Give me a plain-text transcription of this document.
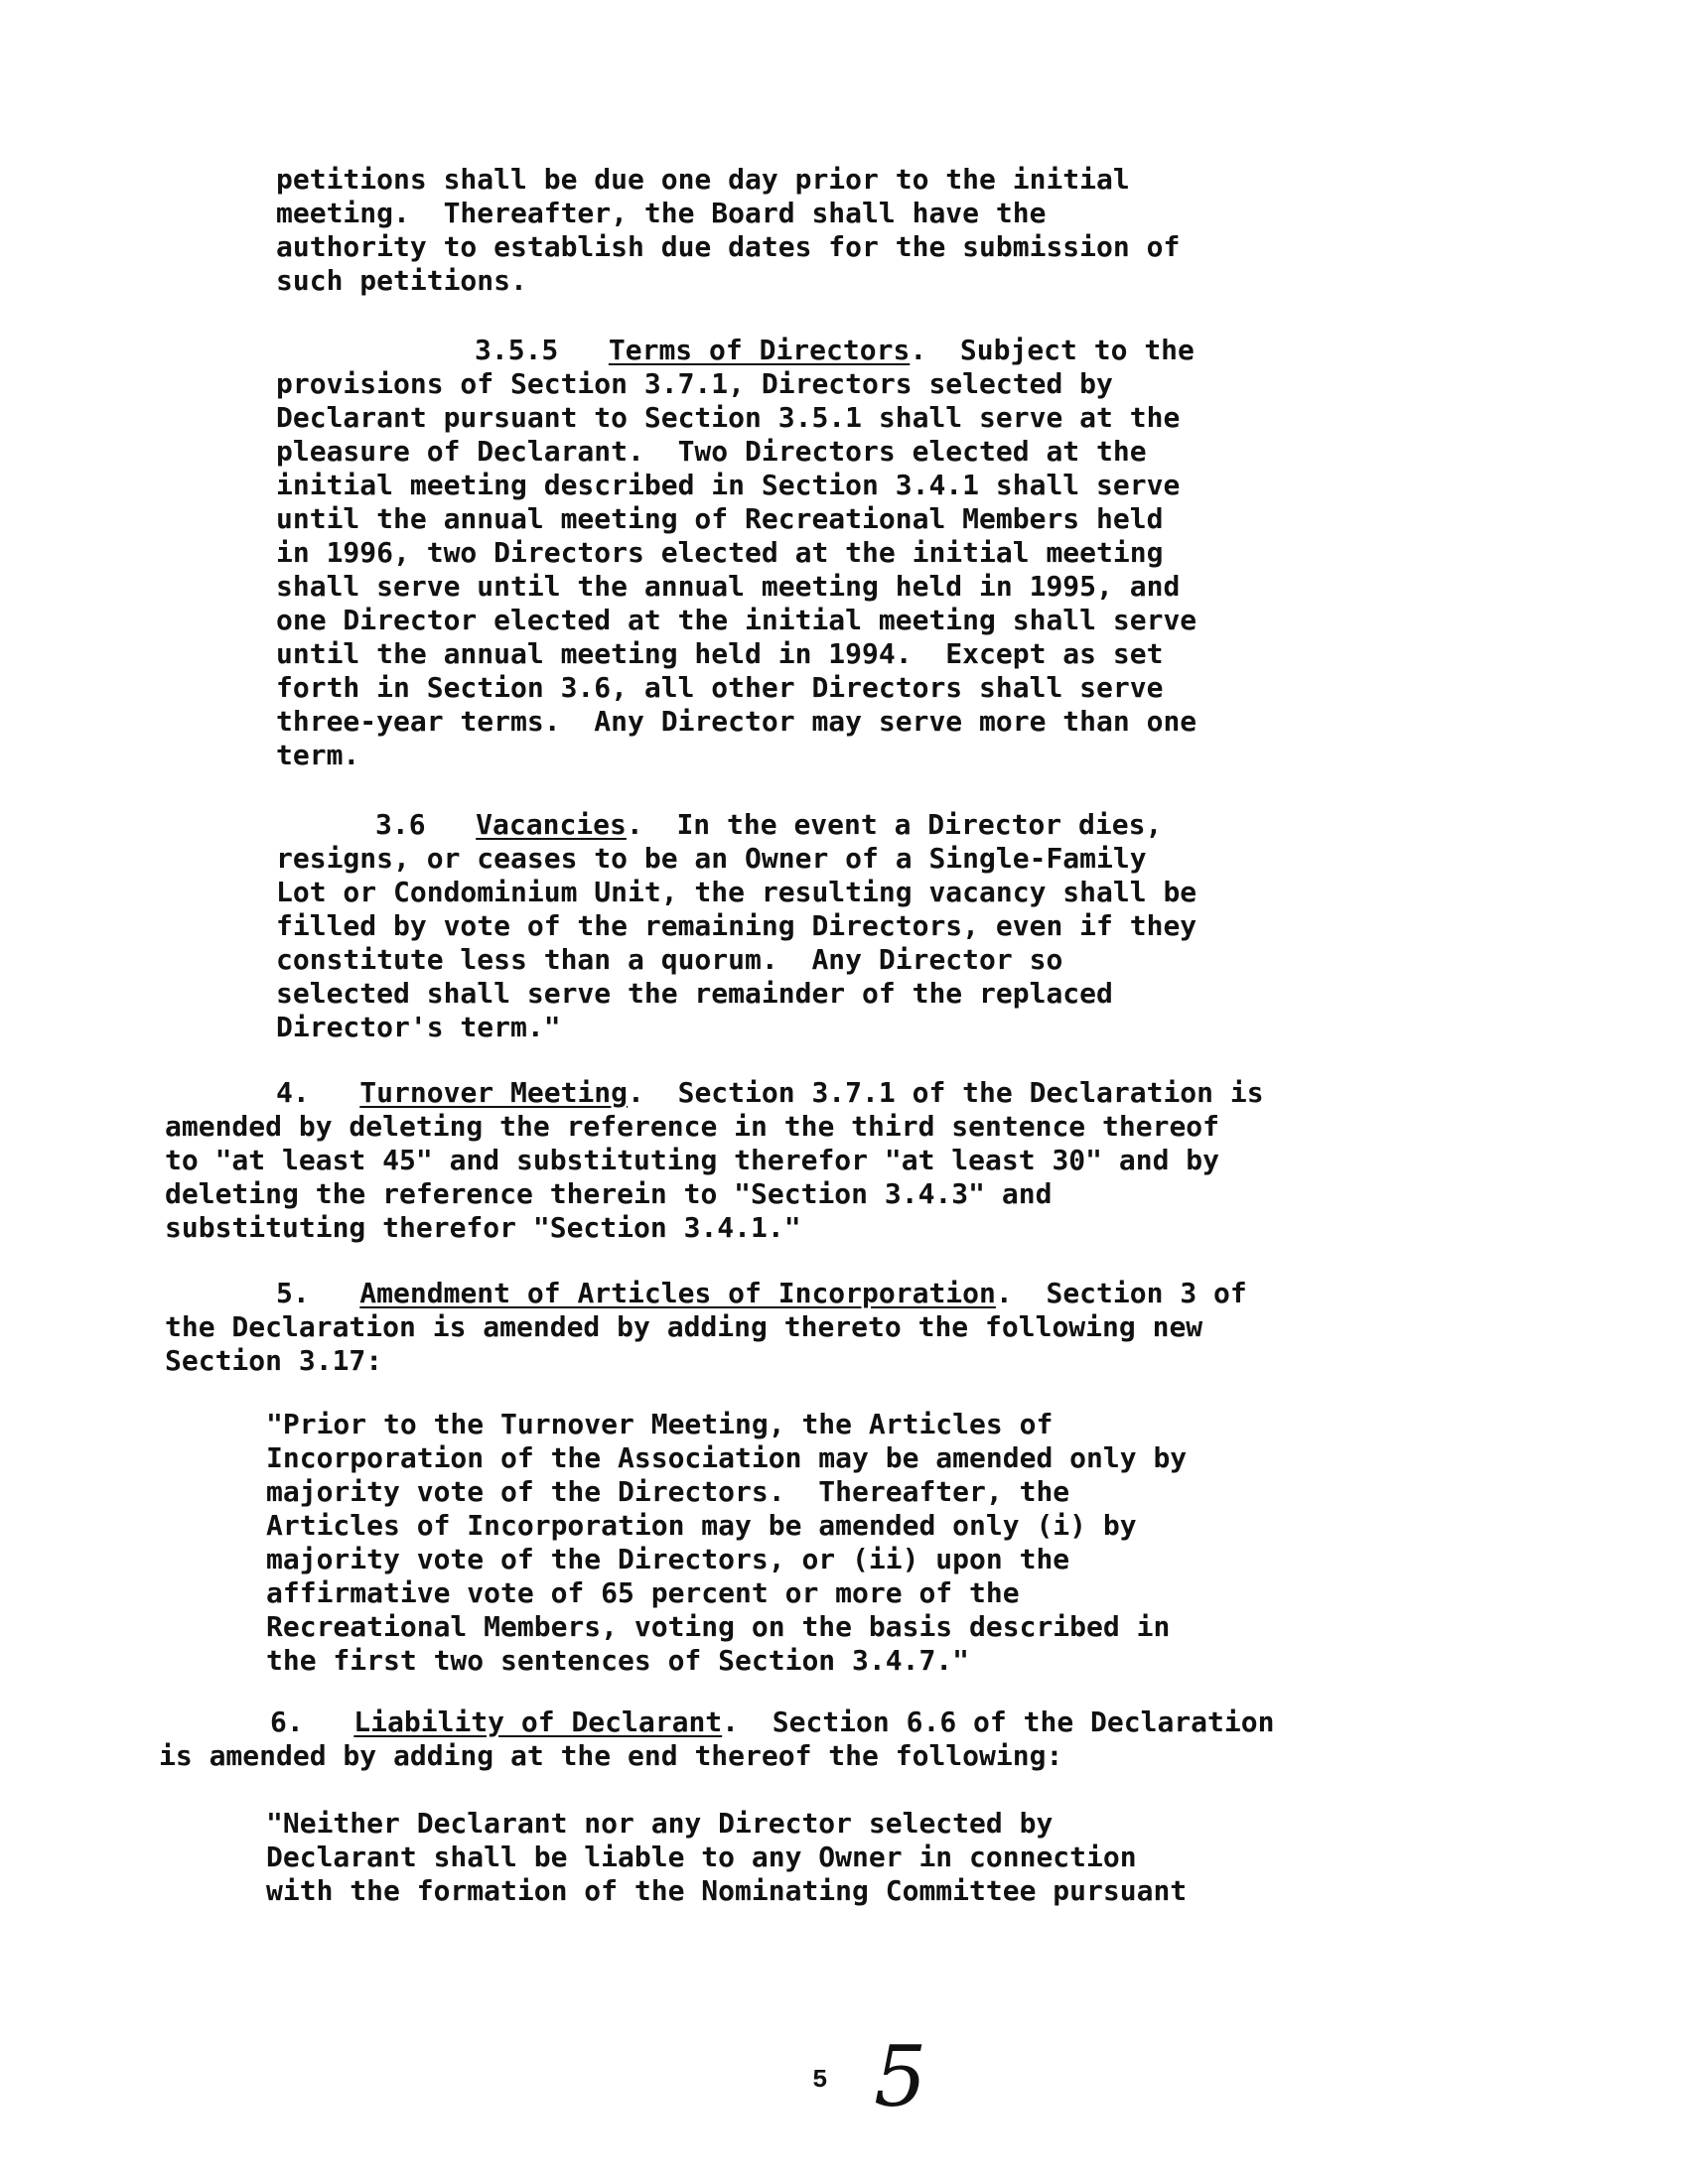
petitions shall be due one day prior to the initial
meeting.  Thereafter, the Board shall have the
authority to establish due dates for the submission of
such petitions.
3.5.5 Terms of Directors.  Subject to the
provisions of Section 3.7.1, Directors selected by
Declarant pursuant to Section 3.5.1 shall serve at the
pleasure of Declarant.  Two Directors elected at the
initial meeting described in Section 3.4.1 shall serve
until the annual meeting of Recreational Members held
in 1996, two Directors elected at the initial meeting
shall serve until the annual meeting held in 1995, and
one Director elected at the initial meeting shall serve
until the annual meeting held in 1994.  Except as set
forth in Section 3.6, all other Directors shall serve
three-year terms.  Any Director may serve more than one
term.
3.6 Vacancies.  In the event a Director dies,
resigns, or ceases to be an Owner of a Single-Family
Lot or Condominium Unit, the resulting vacancy shall be
filled by vote of the remaining Directors, even if they
constitute less than a quorum.  Any Director so
selected shall serve the remainder of the replaced
Director's term."
4. Turnover Meeting.  Section 3.7.1 of the Declaration is
amended by deleting the reference in the third sentence thereof
to "at least 45" and substituting therefor "at least 30" and by
deleting the reference therein to "Section 3.4.3" and
substituting therefor "Section 3.4.1."
5. Amendment of Articles of Incorporation.  Section 3 of
the Declaration is amended by adding thereto the following new
Section 3.17:
"Prior to the Turnover Meeting, the Articles of
Incorporation of the Association may be amended only by
majority vote of the Directors.  Thereafter, the
Articles of Incorporation may be amended only (i) by
majority vote of the Directors, or (ii) upon the
affirmative vote of 65 percent or more of the
Recreational Members, voting on the basis described in
the first two sentences of Section 3.4.7."
6. Liability of Declarant.  Section 6.6 of the Declaration
is amended by adding at the end thereof the following:
"Neither Declarant nor any Director selected by
Declarant shall be liable to any Owner in connection
with the formation of the Nominating Committee pursuant
5 5
